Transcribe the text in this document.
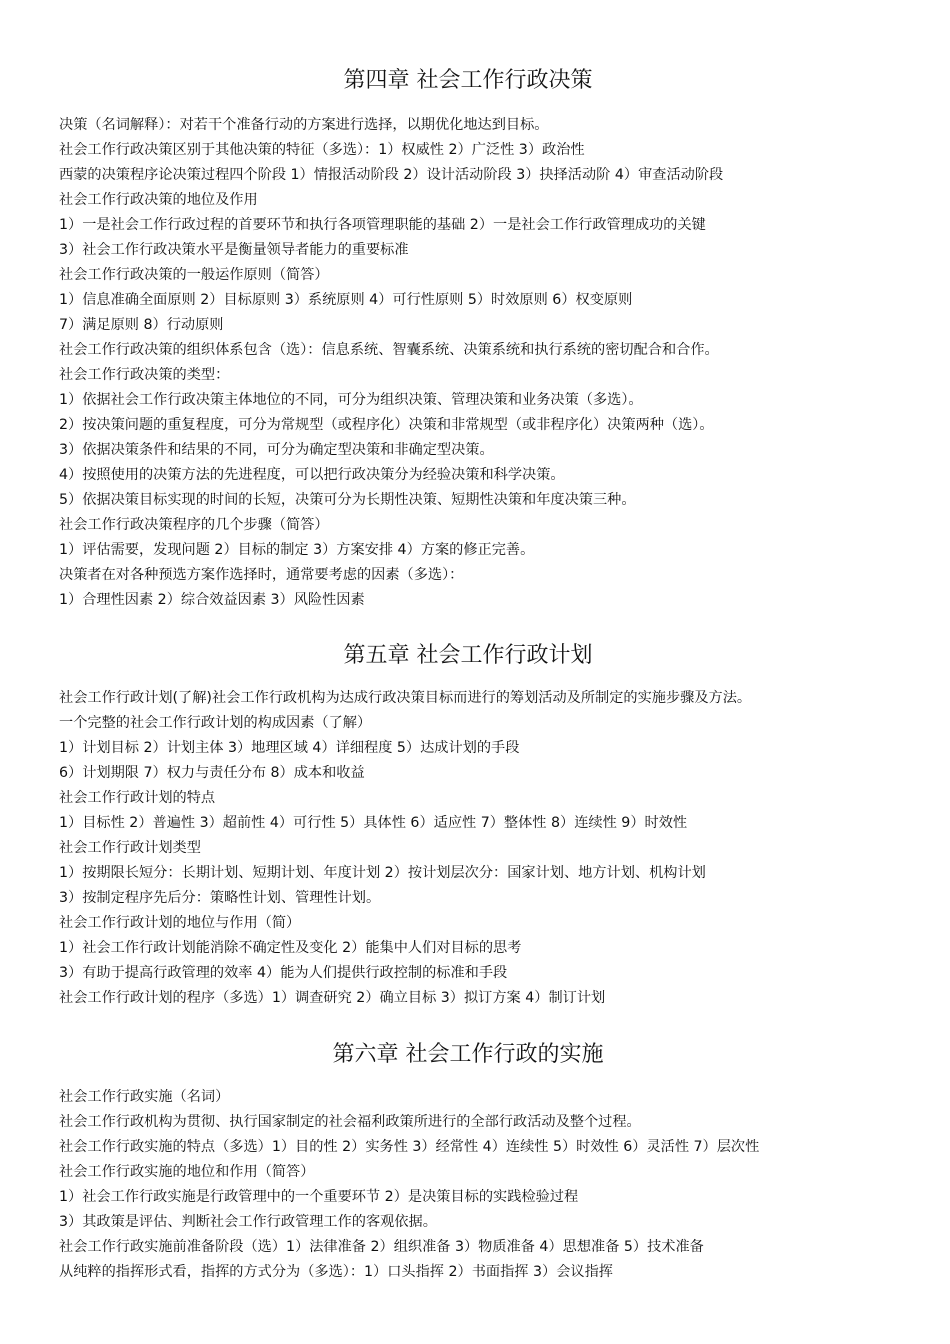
第四章 社会工作行政决策
决策（名词解释）：对若干个准备行动的方案进行选择，以期优化地达到目标。
社会工作行政决策区别于其他决策的特征（多选）：1）权威性 2）广泛性 3）政治性
西蒙的决策程序论决策过程四个阶段 1）情报活动阶段 2）设计活动阶段 3）抉择活动阶 4）审查活动阶段
社会工作行政决策的地位及作用
1）一是社会工作行政过程的首要环节和执行各项管理职能的基础 2）一是社会工作行政管理成功的关键
3）社会工作行政决策水平是衡量领导者能力的重要标准
社会工作行政决策的一般运作原则（简答）
1）信息准确全面原则 2）目标原则 3）系统原则 4）可行性原则 5）时效原则 6）权变原则
7）满足原则 8）行动原则
社会工作行政决策的组织体系包含（选）：信息系统、智囊系统、决策系统和执行系统的密切配合和合作。
社会工作行政决策的类型：
1）依据社会工作行政决策主体地位的不同，可分为组织决策、管理决策和业务决策（多选）。
2）按决策问题的重复程度，可分为常规型（或程序化）决策和非常规型（或非程序化）决策两种（选）。
3）依据决策条件和结果的不同，可分为确定型决策和非确定型决策。
4）按照使用的决策方法的先进程度，可以把行政决策分为经验决策和科学决策。
5）依据决策目标实现的时间的长短，决策可分为长期性决策、短期性决策和年度决策三种。
社会工作行政决策程序的几个步骤（简答）
1）评估需要，发现问题 2）目标的制定 3）方案安排 4）方案的修正完善。
决策者在对各种预选方案作选择时，通常要考虑的因素（多选）：
1）合理性因素 2）综合效益因素 3）风险性因素
第五章 社会工作行政计划
社会工作行政计划(了解)社会工作行政机构为达成行政决策目标而进行的筹划活动及所制定的实施步骤及方法。
一个完整的社会工作行政计划的构成因素（了解）
1）计划目标 2）计划主体 3）地理区域 4）详细程度 5）达成计划的手段
6）计划期限 7）权力与责任分布 8）成本和收益
社会工作行政计划的特点
1）目标性 2）普遍性 3）超前性 4）可行性 5）具体性 6）适应性 7）整体性 8）连续性 9）时效性
社会工作行政计划类型
1）按期限长短分：长期计划、短期计划、年度计划 2）按计划层次分：国家计划、地方计划、机构计划
3）按制定程序先后分：策略性计划、管理性计划。
社会工作行政计划的地位与作用（简）
1）社会工作行政计划能消除不确定性及变化 2）能集中人们对目标的思考
3）有助于提高行政管理的效率 4）能为人们提供行政控制的标准和手段
社会工作行政计划的程序（多选）1）调查研究 2）确立目标 3）拟订方案 4）制订计划
第六章 社会工作行政的实施
社会工作行政实施（名词）
社会工作行政机构为贯彻、执行国家制定的社会福利政策所进行的全部行政活动及整个过程。
社会工作行政实施的特点（多选）1）目的性 2）实务性 3）经常性 4）连续性 5）时效性 6）灵活性 7）层次性
社会工作行政实施的地位和作用（简答）
1）社会工作行政实施是行政管理中的一个重要环节 2）是决策目标的实践检验过程
3）其政策是评估、判断社会工作行政管理工作的客观依据。
社会工作行政实施前准备阶段（选）1）法律准备 2）组织准备 3）物质准备 4）思想准备 5）技术准备
从纯粹的指挥形式看，指挥的方式分为（多选）：1）口头指挥 2）书面指挥 3）会议指挥
